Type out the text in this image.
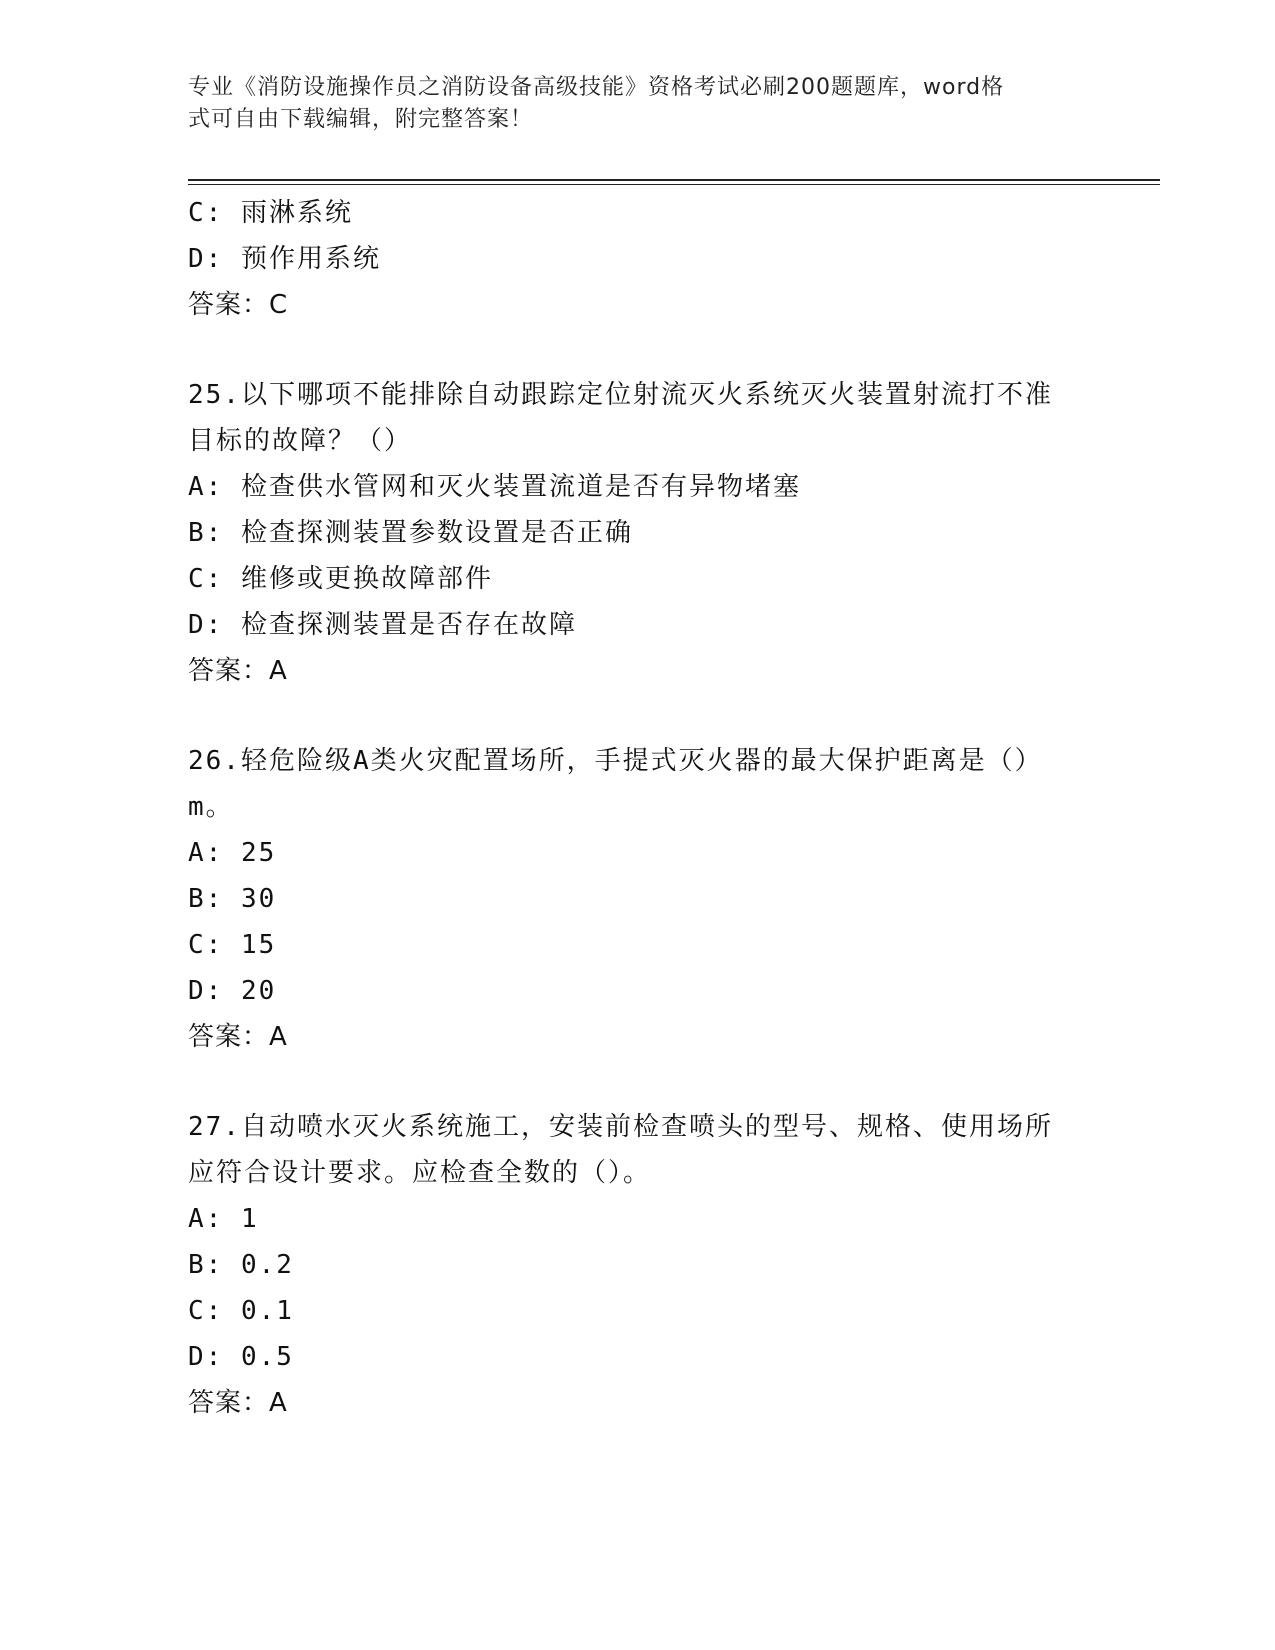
专业《消防设施操作员之消防设备高级技能》资格考试必刷200题题库，word格
式可自由下载编辑，附完整答案！
C: 雨淋系统
D: 预作用系统
答案：C
25.以下哪项不能排除自动跟踪定位射流灭火系统灭火装置射流打不准
目标的故障？（）
A: 检查供水管网和灭火装置流道是否有异物堵塞
B: 检查探测装置参数设置是否正确
C: 维修或更换故障部件
D: 检查探测装置是否存在故障
答案：A
26.轻危险级A类火灾配置场所，手提式灭火器的最大保护距离是（）
m。
A: 25
B: 30
C: 15
D: 20
答案：A
27.自动喷水灭火系统施工，安装前检查喷头的型号、规格、使用场所
应符合设计要求。应检查全数的（）。
A: 1
B: 0.2
C: 0.1
D: 0.5
答案：A
